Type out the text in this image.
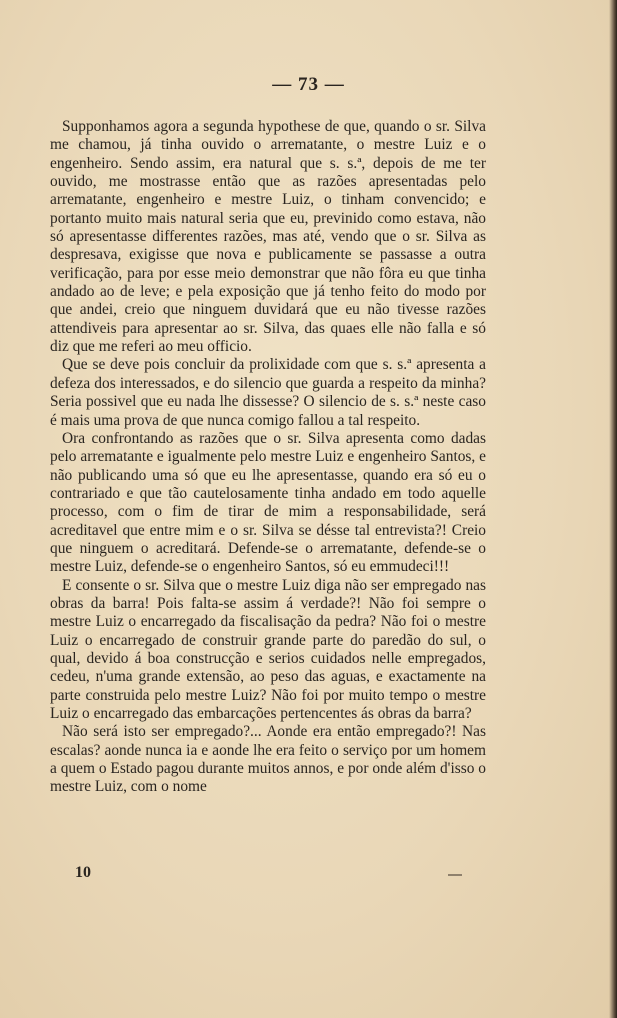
— 73 —

Supponhamos agora a segunda hypothese de que, quando o sr. Silva me chamou, já tinha ouvido o arrematante, o mestre Luiz e o engenheiro. Sendo assim, era natural que s. s.ª, depois de me ter ouvido, me mostrasse então que as razões apresentadas pelo arrematante, engenheiro e mestre Luiz, o tinham convencido; e portanto muito mais natural seria que eu, previnido como estava, não só apresentasse differentes razões, mas até, vendo que o sr. Silva as despresava, exigisse que nova e publicamente se passasse a outra verificação, para por esse meio demonstrar que não fôra eu que tinha andado ao de leve; e pela exposição que já tenho feito do modo por que andei, creio que ninguem duvidará que eu não tivesse razões attendiveis para apresentar ao sr. Silva, das quaes elle não falla e só diz que me referi ao meu officio.

Que se deve pois concluir da prolixidade com que s. s.ª apresenta a defeza dos interessados, e do silencio que guarda a respeito da minha? Seria possivel que eu nada lhe dissesse? O silencio de s. s.ª neste caso é mais uma prova de que nunca comigo fallou a tal respeito.

Ora confrontando as razões que o sr. Silva apresenta como dadas pelo arrematante e igualmente pelo mestre Luiz e engenheiro Santos, e não publicando uma só que eu lhe apresentasse, quando era só eu o contrariado e que tão cautelosamente tinha andado em todo aquelle processo, com o fim de tirar de mim a responsabilidade, será acreditavel que entre mim e o sr. Silva se désse tal entrevista?! Creio que ninguem o acreditará. Defende-se o arrematante, defende-se o mestre Luiz, defende-se o engenheiro Santos, só eu emmudeci!!!

E consente o sr. Silva que o mestre Luiz diga não ser empregado nas obras da barra! Pois falta-se assim á verdade?! Não foi sempre o mestre Luiz o encarregado da fiscalisação da pedra? Não foi o mestre Luiz o encarregado de construir grande parte do paredão do sul, o qual, devido á boa construcção e serios cuidados nelle empregados, cedeu, n'uma grande extensão, ao peso das aguas, e exactamente na parte construida pelo mestre Luiz? Não foi por muito tempo o mestre Luiz o encarregado das embarcações pertencentes ás obras da barra?

Não será isto ser empregado?... Aonde era então empregado?! Nas escalas? aonde nunca ia e aonde lhe era feito o serviço por um homem a quem o Estado pagou durante muitos annos, e por onde além d'isso o mestre Luiz, com o nome

10
